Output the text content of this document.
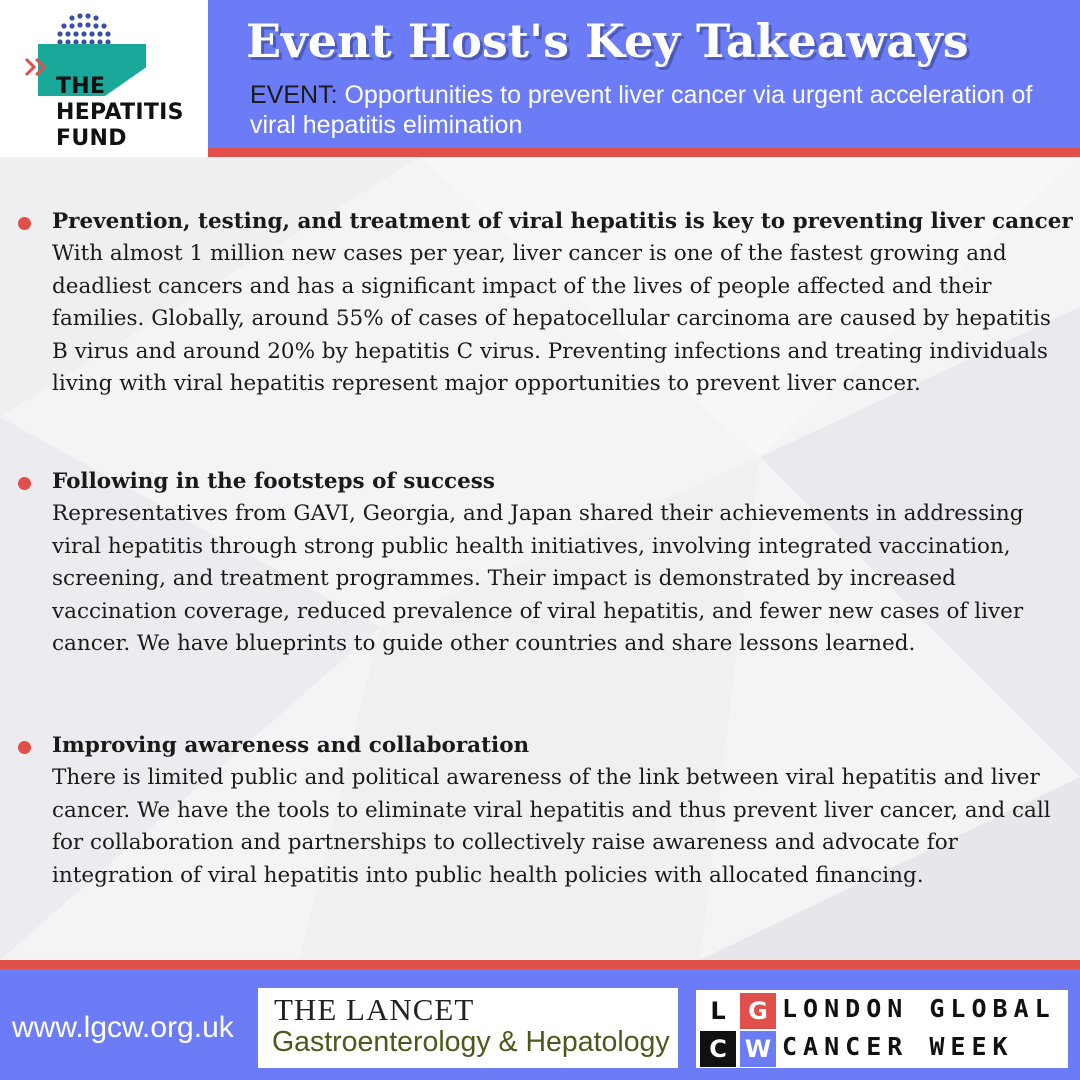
THE
HEPATITIS
FUND
Event Host's Key Takeaways
EVENT: Opportunities to prevent liver cancer via urgent acceleration of viral hepatitis elimination
Prevention, testing, and treatment of viral hepatitis is key to preventing liver cancer
With almost 1 million new cases per year, liver cancer is one of the fastest growing and deadliest cancers and has a significant impact of the lives of people affected and their families. Globally, around 55% of cases of hepatocellular carcinoma are caused by hepatitis B virus and around 20% by hepatitis C virus. Preventing infections and treating individuals living with viral hepatitis represent major opportunities to prevent liver cancer.
Following in the footsteps of success
Representatives from GAVI, Georgia, and Japan shared their achievements in addressing viral hepatitis through strong public health initiatives, involving integrated vaccination, screening, and treatment programmes. Their impact is demonstrated by increased vaccination coverage, reduced prevalence of viral hepatitis, and fewer new cases of liver cancer. We have blueprints to guide other countries and share lessons learned.
Improving awareness and collaboration
There is limited public and political awareness of the link between viral hepatitis and liver cancer. We have the tools to eliminate viral hepatitis and thus prevent liver cancer, and call for collaboration and partnerships to collectively raise awareness and advocate for integration of viral hepatitis into public health policies with allocated financing.
www.lgcw.org.uk
THE LANCET
Gastroenterology & Hepatology
L G
C W
LONDON GLOBAL
CANCER WEEK
